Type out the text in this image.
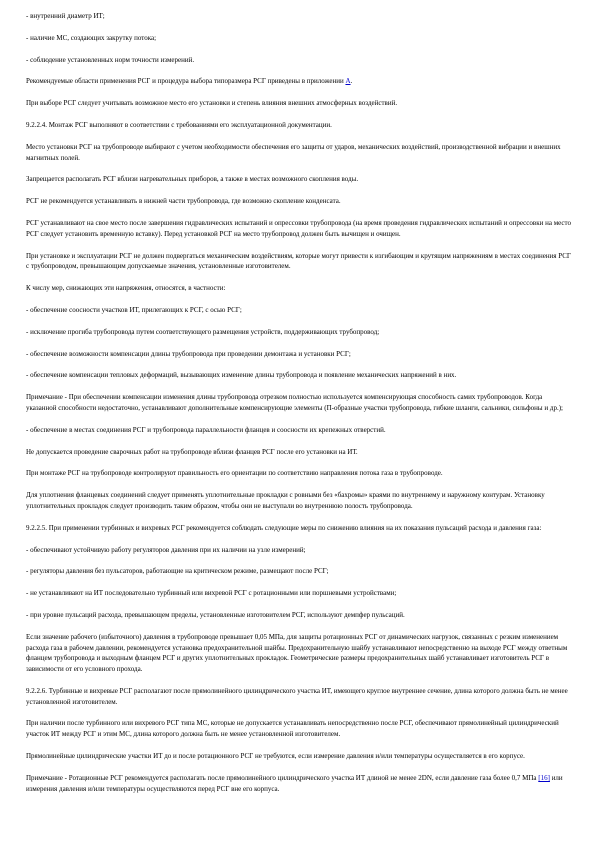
- внутренний диаметр ИТ;

- наличие МС, создающих закрутку потока;

- соблюдение установленных норм точности измерений.

Рекомендуемые области применения РСГ и процедура выбора типоразмера РСГ приведены в приложении А.

При выборе РСГ следует учитывать возможное место его установки и степень влияния внешних атмосферных воздействий.

9.2.2.4. Монтаж РСГ выполняют в соответствии с требованиями его эксплуатационной документации.

Место установки РСГ на трубопроводе выбирают с учетом необходимости обеспечения его защиты от ударов, механических воздействий, производственной вибрации и внешних магнитных полей.

Запрещается располагать РСГ вблизи нагревательных приборов, а также в местах возможного скопления воды.

РСГ не рекомендуется устанавливать в нижней части трубопровода, где возможно скопление конденсата.

РСГ устанавливают на свое место после завершения гидравлических испытаний и опрессовки трубопровода (на время проведения гидравлических испытаний и опрессовки на место РСГ следует установить временную вставку). Перед установкой РСГ на место трубопровод должен быть вычищен и очищен.

При установке и эксплуатации РСГ не должен подвергаться механическим воздействиям, которые могут привести к изгибающим и крутящим напряжениям в местах соединения РСГ с трубопроводом, превышающим допускаемые значения, установленные изготовителем.

К числу мер, снижающих эти напряжения, относятся, в частности:

- обеспечение соосности участков ИТ, прилегающих к РСГ, с осью РСГ;

- исключение прогиба трубопровода путем соответствующего размещения устройств, поддерживающих трубопровод;

- обеспечение возможности компенсации длины трубопровода при проведении демонтажа и установки РСГ;

- обеспечение компенсации тепловых деформаций, вызывающих изменение длины трубопровода и появление механических напряжений в них.

Примечание - При обеспечении компенсации изменения длины трубопровода отрезком полностью используется компенсирующая способность самих трубопроводов. Когда указанной способности недостаточно, устанавливают дополнительные компенсирующие элементы (П-образные участки трубопровода, гибкие шланги, сальники, сильфоны и др.);

- обеспечение в местах соединения РСГ и трубопровода параллельности фланцев и соосности их крепежных отверстий.

Не допускается проведение сварочных работ на трубопроводе вблизи фланцев РСГ после его установки на ИТ.

При монтаже РСГ на трубопроводе контролируют правильность его ориентации по соответствию направления потока газа в трубопроводе.

Для уплотнения фланцевых соединений следует применять уплотнительные прокладки с ровными без «бахромы» краями по внутреннему и наружному контурам. Установку уплотнительных прокладок следует производить таким образом, чтобы они не выступали во внутреннюю полость трубопровода.

9.2.2.5. При применении турбинных и вихревых РСГ рекомендуется соблюдать следующие меры по снижению влияния на их показания пульсаций расхода и давления газа:

- обеспечивают устойчивую работу регуляторов давления при их наличии на узле измерений;

- регуляторы давления без пульсаторов, работающие на критическом режиме, размещают после РСГ;

- не устанавливают на ИТ последовательно турбинный или вихревой РСГ с ротационными или поршневыми устройствами;

- при уровне пульсаций расхода, превышающем пределы, установленные изготовителем РСГ, используют демпфер пульсаций.

Если значение рабочего (избыточного) давления в трубопроводе превышает 0,05 МПа, для защиты ротационных РСГ от динамических нагрузок, связанных с резким изменением расхода газа в рабочем давлении, рекомендуется установка предохранительной шайбы. Предохранительную шайбу устанавливают непосредственно на выходе РСГ между ответным фланцем трубопровода и выходным фланцем РСГ и других уплотнительных прокладок. Геометрические размеры предохранительных шайб устанавливает изготовитель РСГ в зависимости от его условного прохода.

9.2.2.6. Турбинные и вихревые РСГ располагают после прямолинейного цилиндрического участка ИТ, имеющего круглое внутреннее сечение, длина которого должна быть не менее установленной изготовителем.

При наличии после турбинного или вихревого РСГ типа МС, которые не допускается устанавливать непосредственно после РСГ, обеспечивают прямолинейный цилиндрический участок ИТ между РСГ и этим МС, длина которого должна быть не менее установленной изготовителем.

Прямолинейные цилиндрические участки ИТ до и после ротационного РСГ не требуются, если измерение давления и/или температуры осуществляется в его корпусе.

Примечание - Ротационные РСГ рекомендуется располагать после прямолинейного цилиндрического участка ИТ длиной не менее 2DN, если давление газа более 0,7 МПа [16] или измерения давления и/или температуры осуществляются перед РСГ вне его корпуса.
